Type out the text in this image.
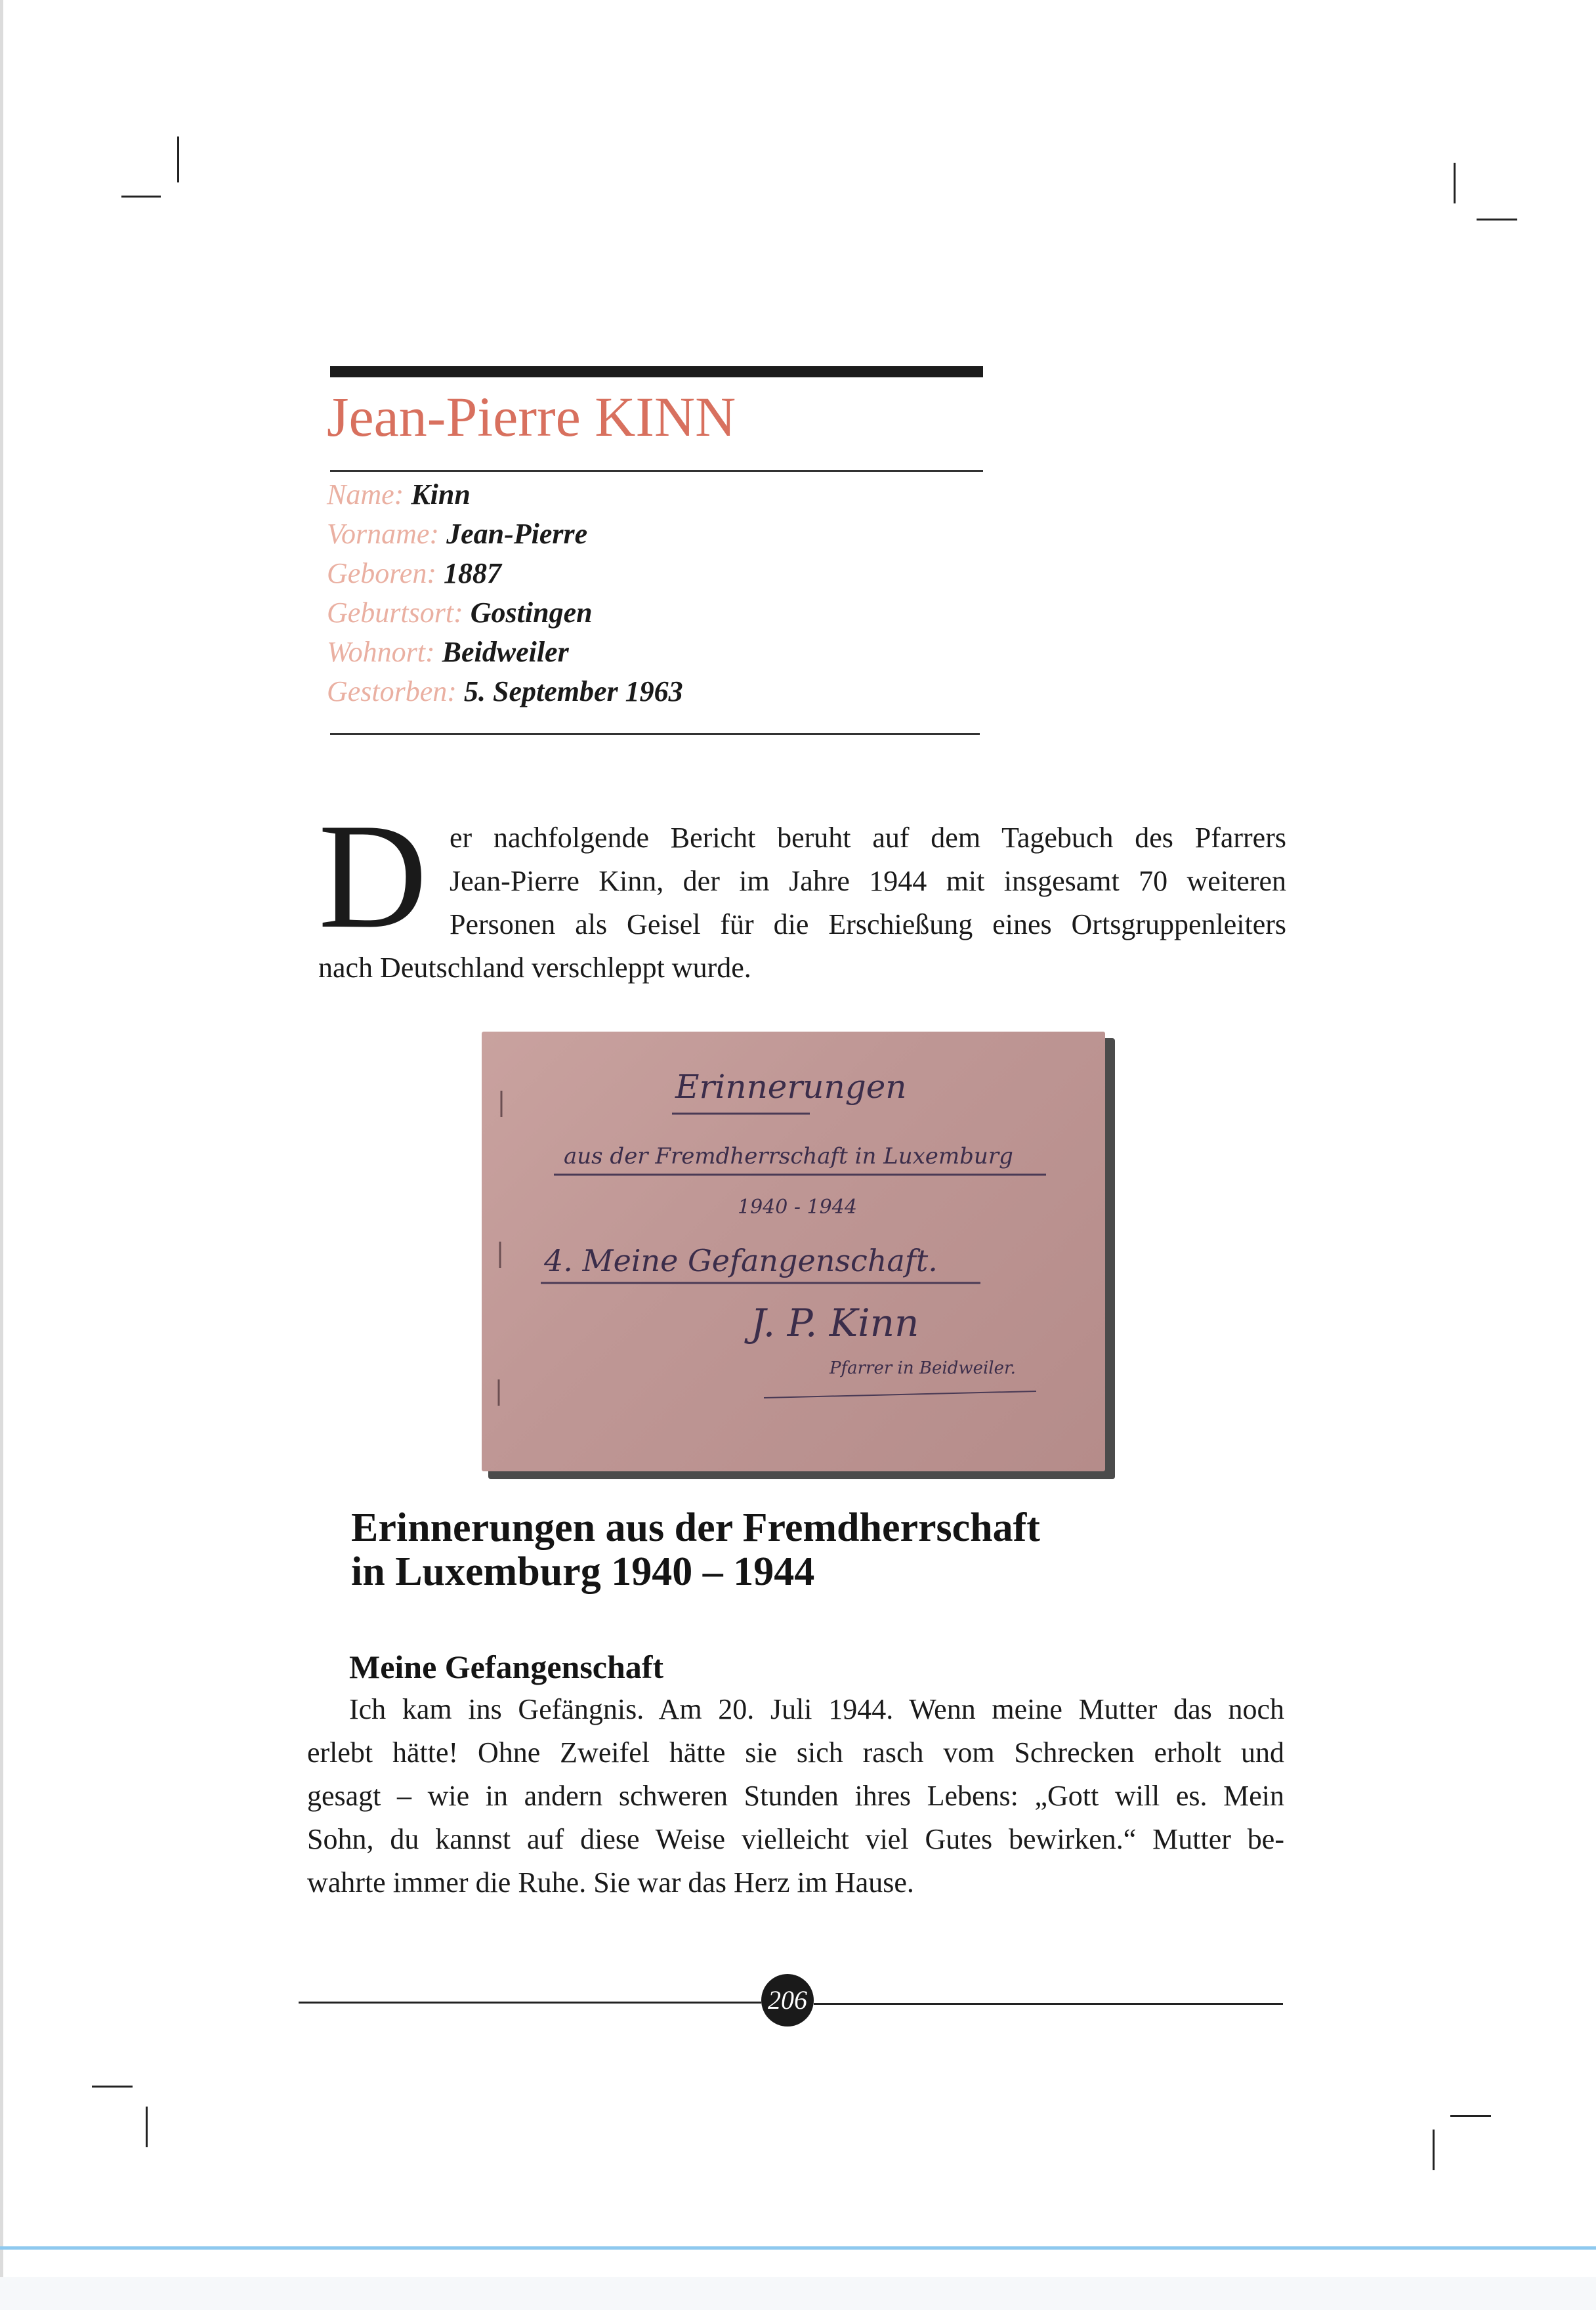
Jean-Pierre KINN
Name: Kinn
Vorname: Jean-Pierre
Geboren: 1887
Geburtsort: Gostingen
Wohnort: Beidweiler
Gestorben: 5. September 1963
D er nachfolgende Bericht beruht auf dem Tagebuch des Pfarrers
Jean-Pierre Kinn, der im Jahre 1944 mit insgesamt 70 weiteren
Personen als Geisel für die Erschießung eines Ortsgruppenleiters
nach Deutschland verschleppt wurde.
Erinnerungen
aus der Fremdherrschaft in Luxemburg
1940 - 1944
4. Meine Gefangenschaft.
J. P. Kinn
Pfarrer in Beidweiler.
Erinnerungen aus der Fremdherrschaft
in Luxemburg 1940 – 1944
Meine Gefangenschaft
Ich kam ins Gefängnis. Am 20. Juli 1944. Wenn meine Mutter das noch
erlebt hätte! Ohne Zweifel hätte sie sich rasch vom Schrecken erholt und
gesagt – wie in andern schweren Stunden ihres Lebens: „Gott will es. Mein
Sohn, du kannst auf diese Weise vielleicht viel Gutes bewirken.“ Mutter be-
wahrte immer die Ruhe. Sie war das Herz im Hause.
206
